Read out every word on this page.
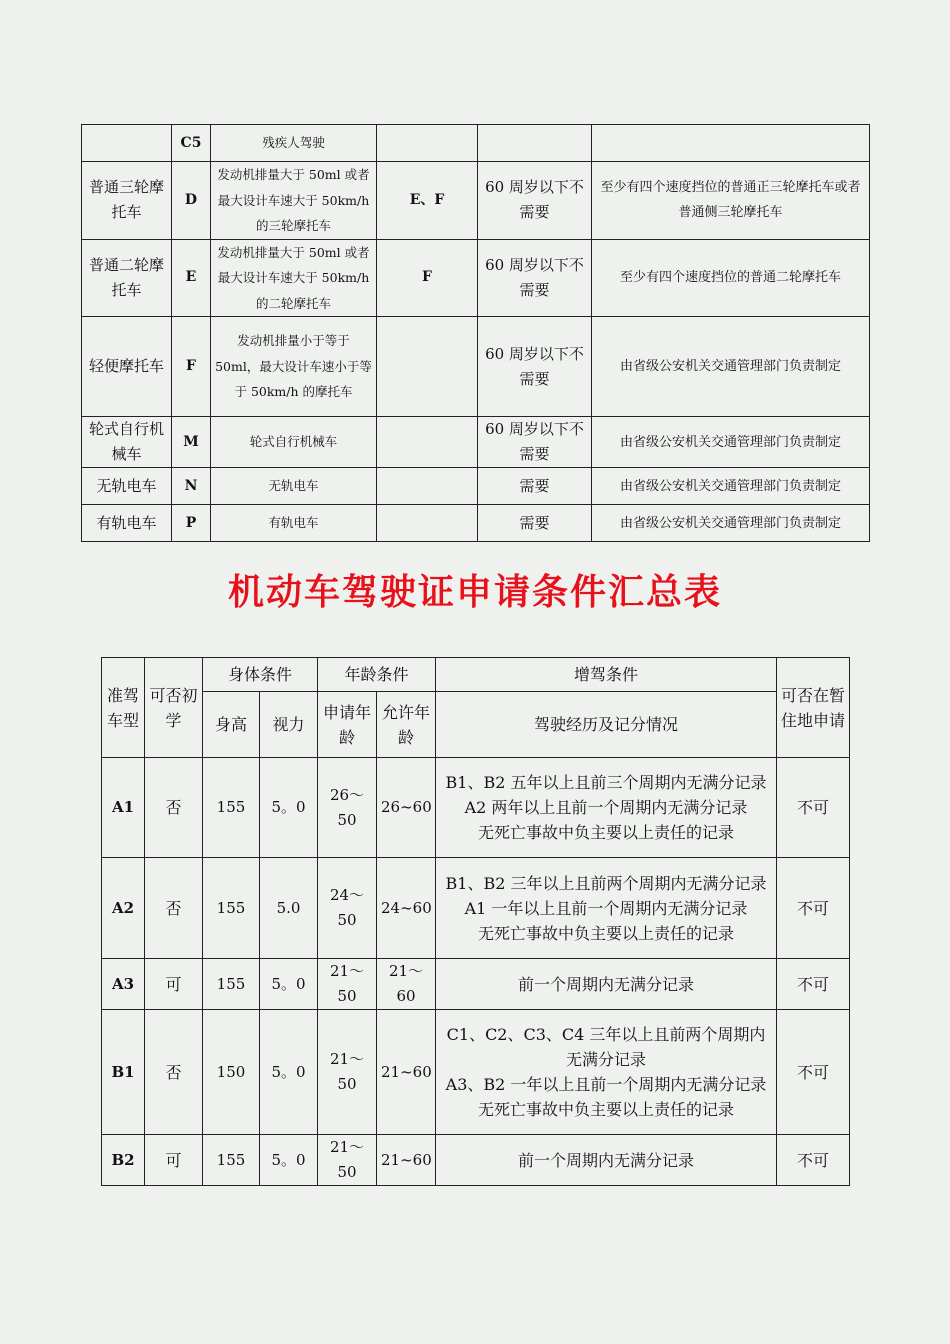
	C5	残疾人驾驶			
普通三轮摩托车	D	发动机排量大于 50ml 或者最大设计车速大于 50km/h 的三轮摩托车	E、F	60 周岁以下不需要	至少有四个速度挡位的普通正三轮摩托车或者普通侧三轮摩托车
普通二轮摩托车	E	发动机排量大于 50ml 或者最大设计车速大于 50km/h 的二轮摩托车	F	60 周岁以下不需要	至少有四个速度挡位的普通二轮摩托车
轻便摩托车	F	发动机排量小于等于 50ml，最大设计车速小于等于 50km/h 的摩托车		60 周岁以下不需要	由省级公安机关交通管理部门负责制定
轮式自行机械车	M	轮式自行机械车		60 周岁以下不需要	由省级公安机关交通管理部门负责制定
无轨电车	N	无轨电车		需要	由省级公安机关交通管理部门负责制定
有轨电车	P	有轨电车		需要	由省级公安机关交通管理部门负责制定
机动车驾驶证申请条件汇总表
准驾车型	可否初学	身体条件		年龄条件		增驾条件	可否在暂住地申请
		身高	视力	申请年龄	允许年龄	驾驶经历及记分情况	
A1	否	155	5。0	26～50	26~60	B1、B2 五年以上且前三个周期内无满分记录
A2 两年以上且前一个周期内无满分记录
无死亡事故中负主要以上责任的记录	不可
A2	否	155	5.0	24～50	24~60	B1、B2 三年以上且前两个周期内无满分记录
A1 一年以上且前一个周期内无满分记录
无死亡事故中负主要以上责任的记录	不可
A3	可	155	5。0	21～50	21～60	前一个周期内无满分记录	不可
B1	否	150	5。0	21～50	21~60	C1、C2、C3、C4 三年以上且前两个周期内无满分记录
A3、B2 一年以上且前一个周期内无满分记录
无死亡事故中负主要以上责任的记录	不可
B2	可	155	5。0	21～50	21~60	前一个周期内无满分记录	不可
